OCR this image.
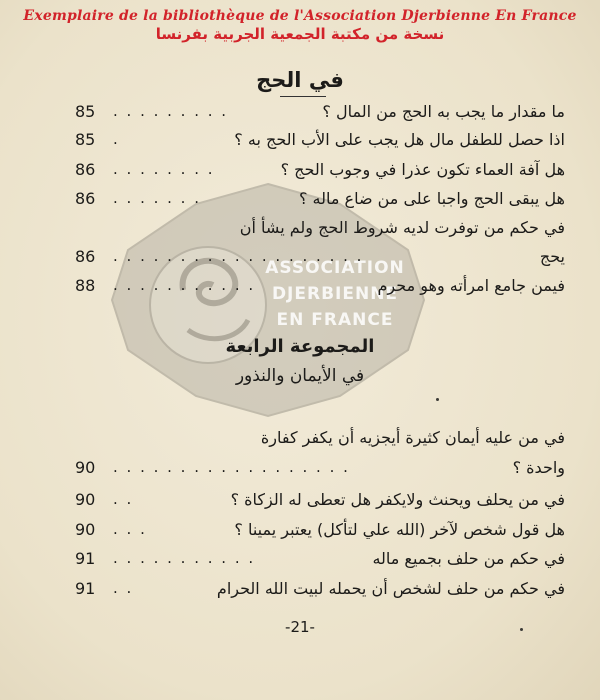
Exemplaire de la bibliothèque de l'Association Djerbienne En France
نسخة من مكتبة الجمعية الجربية بفرنسا
ASSOCIATION
DJERBIENNE
EN FRANCE
في الحج
ما مقدار ما يجب به الحج من المال ؟
. . . . . . . . .
85
اذا حصل للطفل مال هل يجب على الأب الحج به ؟
.
85
هل آفة العماء تكون عذرا في وجوب الحج ؟
. . . . . . . .
86
هل يبقى الحج واجبا على من ضاع ماله ؟
. . . . . . .
86
في حكم من توفرت لديه شروط الحج ولم يشأ أن
يحج
. . . . . . . . . . . . . . . . . . .
86
فيمن جامع امرأته وهو محرم
. . . . . . . . . . .
88
المجموعة الرابعة
في الأيمان والنذور
في من عليه أيمان كثيرة أيجزيه أن يكفر كفارة
واحدة ؟
. . . . . . . . . . . . . . . . . .
90
في من يحلف ويحنث ولايكفر هل تعطى له الزكاة ؟
. .
90
هل قول شخص لآخر (الله علي لتأكل) يعتبر يمينا ؟
. . .
90
في حكم من حلف بجميع ماله
. . . . . . . . . . .
91
في حكم من حلف لشخص أن يحمله لبيت الله الحرام
. .
91
-21-
